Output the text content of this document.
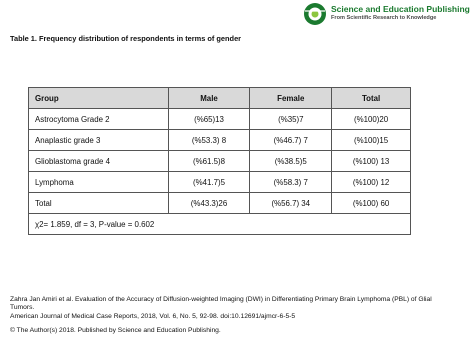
Science and Education Publishing
From Scientific Research to Knowledge
Table 1. Frequency distribution of respondents in terms of gender
Group	Male	Female	Total
Astrocytoma Grade 2	(%65)13	(%35)7	(%100)20
Anaplastic grade 3	(%53.3) 8	(%46.7) 7	(%100)15
Glioblastoma grade 4	(%61.5)8	(%38.5)5	(%100) 13
Lymphoma	(%41.7)5	(%58.3) 7	(%100) 12
Total	(%43.3)26	(%56.7) 34	(%100) 60
χ2= 1.859, df = 3, P-value = 0.602			
Zahra Jan Amiri et al. Evaluation of the Accuracy of Diffusion-weighted Imaging (DWI) in Differentiating Primary Brain Lymphoma (PBL) of Glial Tumors.
American Journal of Medical Case Reports, 2018, Vol. 6, No. 5, 92-98. doi:10.12691/ajmcr-6-5-5
© The Author(s) 2018. Published by Science and Education Publishing.
